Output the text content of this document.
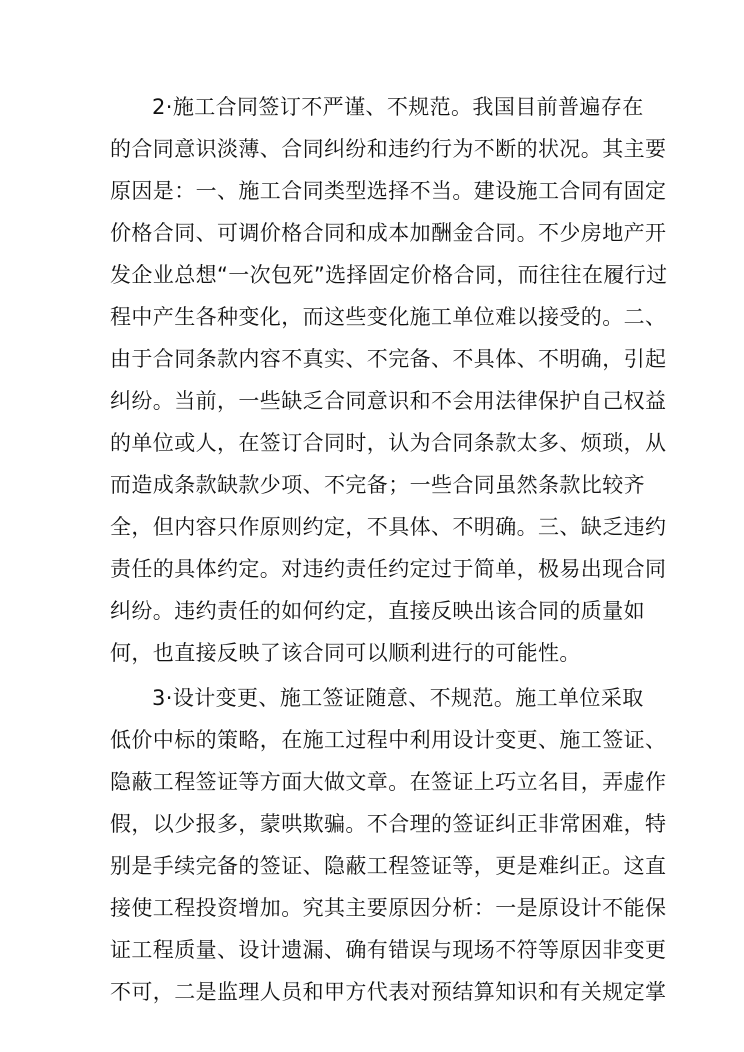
2·施工合同签订不严谨、不规范。我国目前普遍存在
的合同意识淡薄、合同纠纷和违约行为不断的状况。其主要
原因是：一、施工合同类型选择不当。建设施工合同有固定
价格合同、可调价格合同和成本加酬金合同。不少房地产开
发企业总想“一次包死”选择固定价格合同，而往往在履行过
程中产生各种变化，而这些变化施工单位难以接受的。二、
由于合同条款内容不真实、不完备、不具体、不明确，引起
纠纷。当前，一些缺乏合同意识和不会用法律保护自己权益
的单位或人，在签订合同时，认为合同条款太多、烦琐，从
而造成条款缺款少项、不完备；一些合同虽然条款比较齐
全，但内容只作原则约定，不具体、不明确。三、缺乏违约
责任的具体约定。对违约责任约定过于简单，极易出现合同
纠纷。违约责任的如何约定，直接反映出该合同的质量如
何，也直接反映了该合同可以顺利进行的可能性。
3·设计变更、施工签证随意、不规范。施工单位采取
低价中标的策略，在施工过程中利用设计变更、施工签证、
隐蔽工程签证等方面大做文章。在签证上巧立名目，弄虚作
假，以少报多，蒙哄欺骗。不合理的签证纠正非常困难，特
别是手续完备的签证、隐蔽工程签证等，更是难纠正。这直
接使工程投资增加。究其主要原因分析：一是原设计不能保
证工程质量、设计遗漏、确有错误与现场不符等原因非变更
不可，二是监理人员和甲方代表对预结算知识和有关规定掌
